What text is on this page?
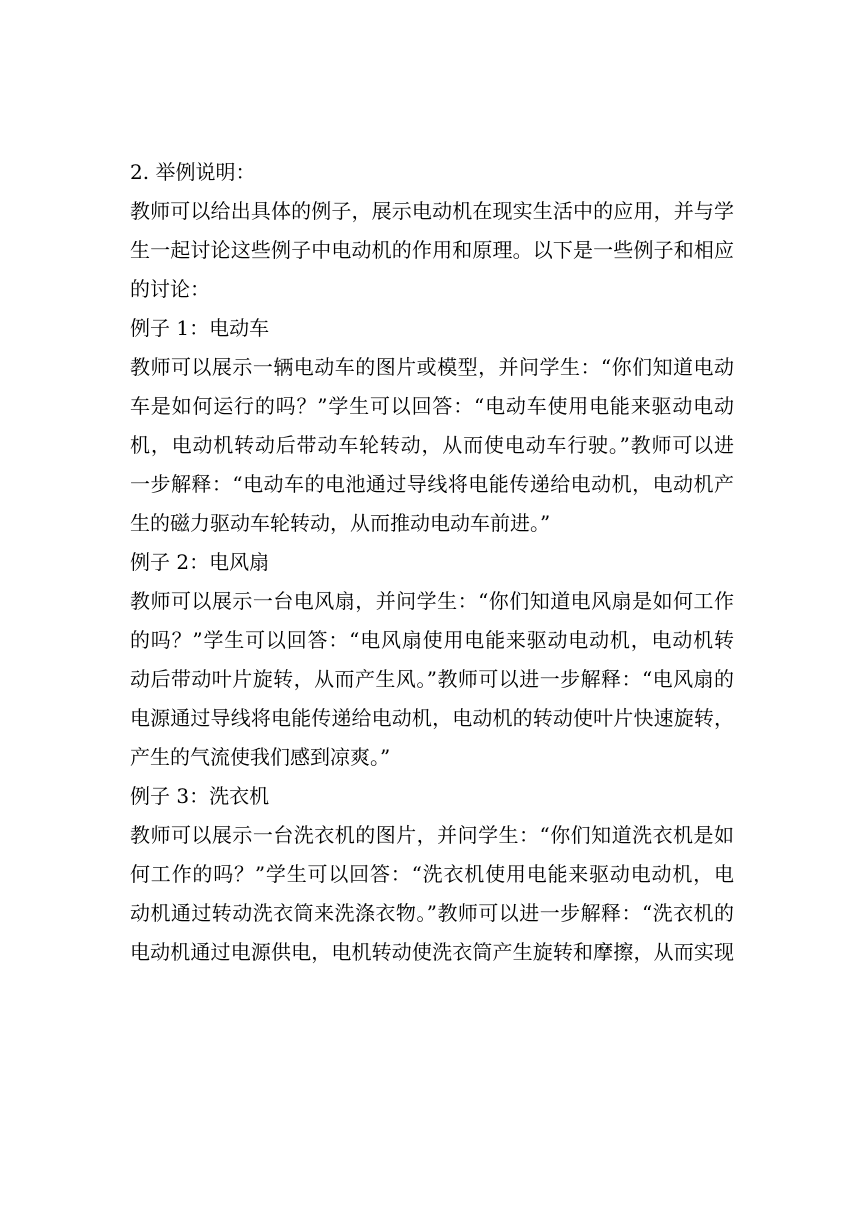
2. 举例说明：
教师可以给出具体的例子，展示电动机在现实生活中的应用，并与学
生一起讨论这些例子中电动机的作用和原理。以下是一些例子和相应
的讨论：
例子 1：电动车
教师可以展示一辆电动车的图片或模型，并问学生：“你们知道电动
车是如何运行的吗？”学生可以回答：“电动车使用电能来驱动电动
机，电动机转动后带动车轮转动，从而使电动车行驶。”教师可以进
一步解释：“电动车的电池通过导线将电能传递给电动机，电动机产
生的磁力驱动车轮转动，从而推动电动车前进。”
例子 2：电风扇
教师可以展示一台电风扇，并问学生：“你们知道电风扇是如何工作
的吗？”学生可以回答：“电风扇使用电能来驱动电动机，电动机转
动后带动叶片旋转，从而产生风。”教师可以进一步解释：“电风扇的
电源通过导线将电能传递给电动机，电动机的转动使叶片快速旋转，
产生的气流使我们感到凉爽。”
例子 3：洗衣机
教师可以展示一台洗衣机的图片，并问学生：“你们知道洗衣机是如
何工作的吗？”学生可以回答：“洗衣机使用电能来驱动电动机，电
动机通过转动洗衣筒来洗涤衣物。”教师可以进一步解释：“洗衣机的
电动机通过电源供电，电机转动使洗衣筒产生旋转和摩擦，从而实现
